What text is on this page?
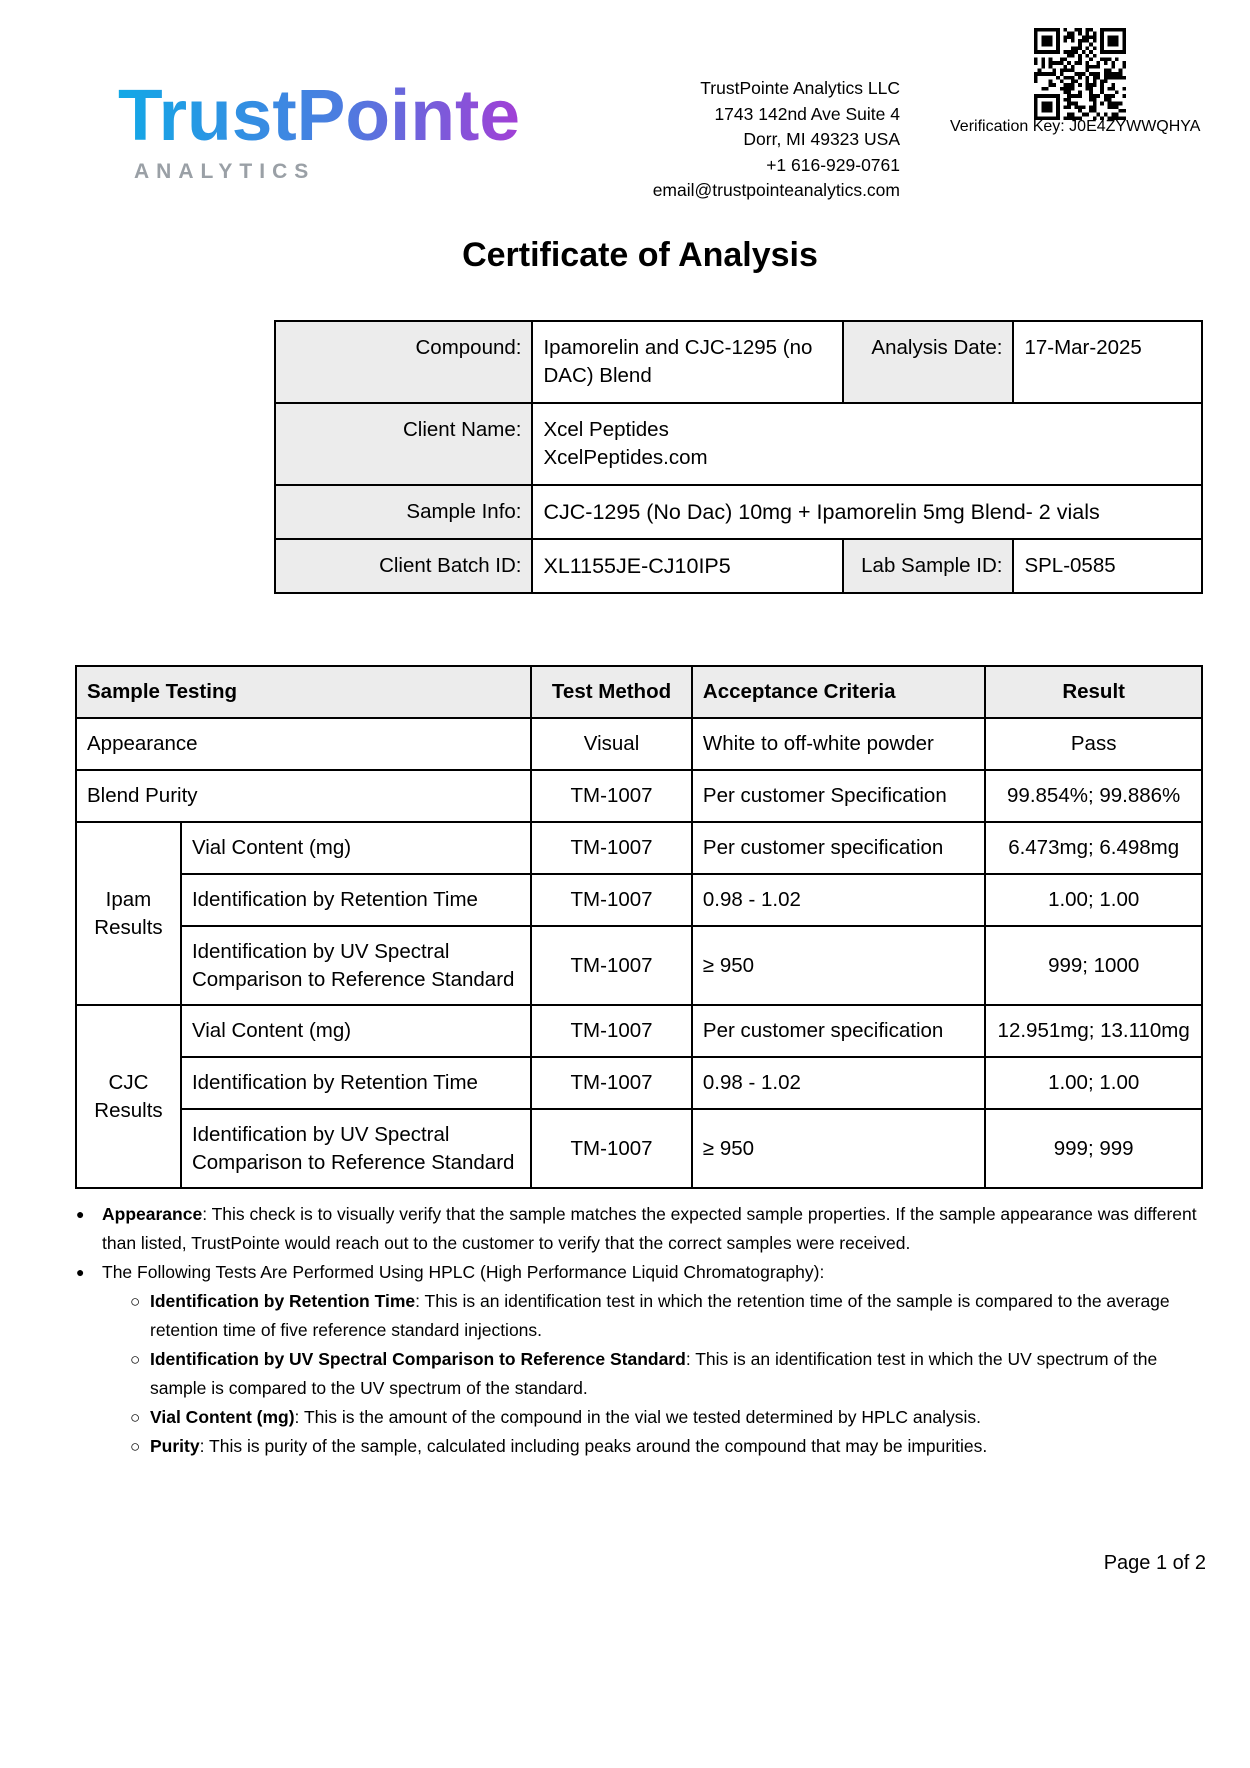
TrustPointe
ANALYTICS
TrustPointe Analytics LLC
1743 142nd Ave Suite 4
Dorr, MI 49323 USA
+1 616-929-0761
email@trustpointeanalytics.com
Verification Key: J0E4ZYWWQHYA
Certificate of Analysis
Compound:	Ipamorelin and CJC-1295 (no DAC) Blend	Analysis Date:	17-Mar-2025
Client Name:	Xcel Peptides
XcelPeptides.com		

Sample Info:	CJC-1295 (No Dac) 10mg + Ipamorelin 5mg Blend- 2 vials		
Client Batch ID:	XL1155JE-CJ10IP5	Lab Sample ID:	SPL-0585
Sample Testing		Test Method	Acceptance Criteria	Result
Appearance		Visual	White to off-white powder	Pass
Blend Purity		TM-1007	Per customer Specification	99.854%; 99.886%
Ipam Results	Vial Content (mg)	TM-1007	Per customer specification	6.473mg; 6.498mg
	Identification by Retention Time	TM-1007	0.98 - 1.02	1.00; 1.00
	Identification by UV Spectral Comparison to Reference Standard	TM-1007	≥ 950	999; 1000
CJC Results	Vial Content (mg)	TM-1007	Per customer specification	12.951mg; 13.110mg
	Identification by Retention Time	TM-1007	0.98 - 1.02	1.00; 1.00
	Identification by UV Spectral Comparison to Reference Standard	TM-1007	≥ 950	999; 999
● Appearance: This check is to visually verify that the sample matches the expected sample properties. If the sample appearance was different than listed, TrustPointe would reach out to the customer to verify that the correct samples were received.
● The Following Tests Are Performed Using HPLC (High Performance Liquid Chromatography):
○ Identification by Retention Time: This is an identification test in which the retention time of the sample is compared to the average retention time of five reference standard injections.
○ Identification by UV Spectral Comparison to Reference Standard: This is an identification test in which the UV spectrum of the sample is compared to the UV spectrum of the standard.
○ Vial Content (mg): This is the amount of the compound in the vial we tested determined by HPLC analysis.
○ Purity: This is purity of the sample, calculated including peaks around the compound that may be impurities.
Page 1 of 2
